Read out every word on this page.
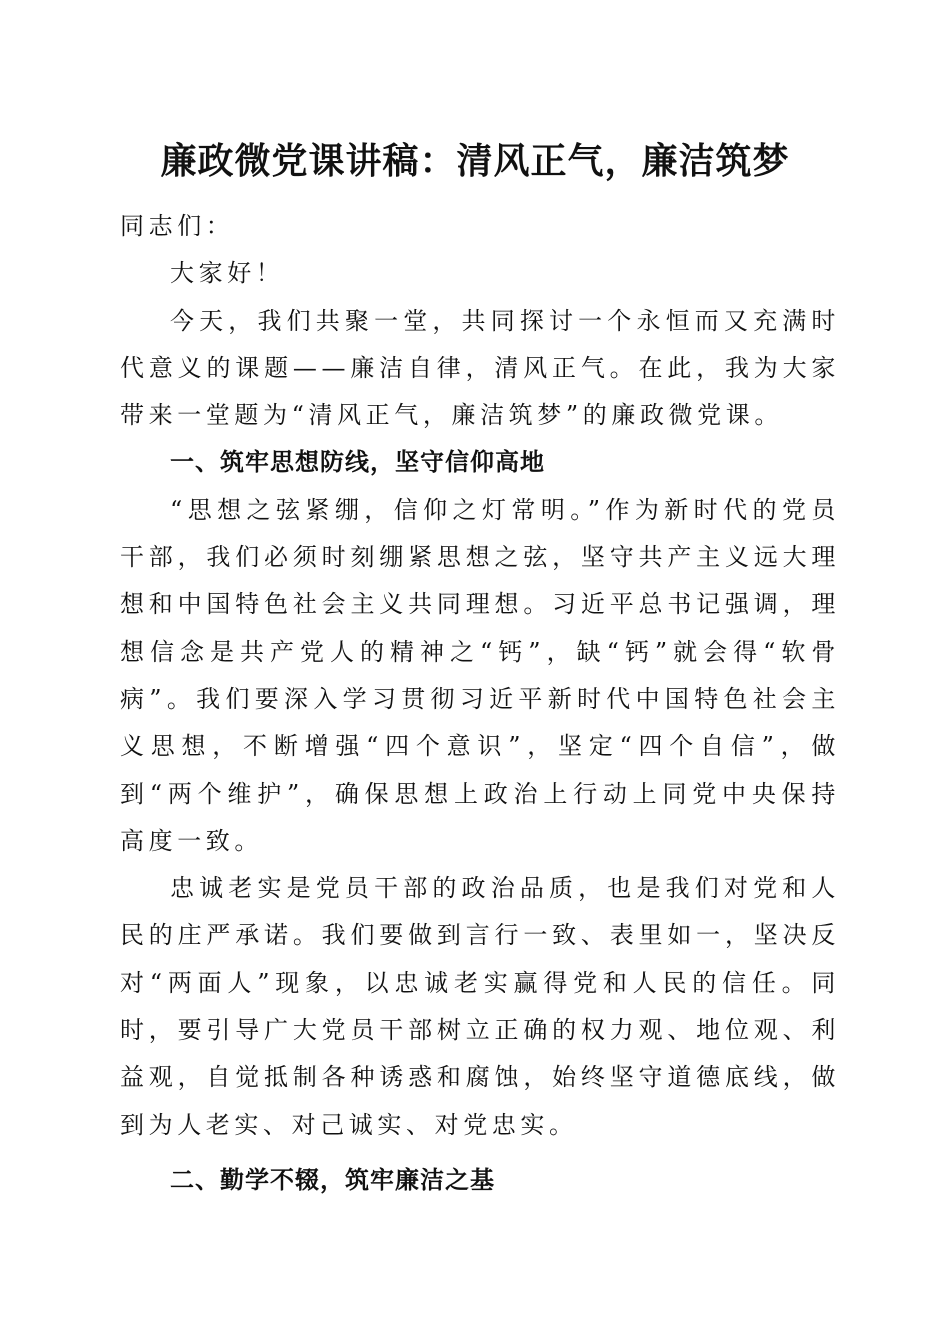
廉政微党课讲稿：清风正气，廉洁筑梦

同志们：

大家好！

今天，我们共聚一堂，共同探讨一个永恒而又充满时代意义的课题——廉洁自律，清风正气。在此，我为大家带来一堂题为“清风正气，廉洁筑梦”的廉政微党课。

一、筑牢思想防线，坚守信仰高地

“思想之弦紧绷，信仰之灯常明。”作为新时代的党员干部，我们必须时刻绷紧思想之弦，坚守共产主义远大理想和中国特色社会主义共同理想。习近平总书记强调，理想信念是共产党人的精神之“钙”，缺“钙”就会得“软骨病”。我们要深入学习贯彻习近平新时代中国特色社会主义思想，不断增强“四个意识”，坚定“四个自信”，做到“两个维护”，确保思想上政治上行动上同党中央保持高度一致。

忠诚老实是党员干部的政治品质，也是我们对党和人民的庄严承诺。我们要做到言行一致、表里如一，坚决反对“两面人”现象，以忠诚老实赢得党和人民的信任。同时，要引导广大党员干部树立正确的权力观、地位观、利益观，自觉抵制各种诱惑和腐蚀，始终坚守道德底线，做到为人老实、对己诚实、对党忠实。

二、勤学不辍，筑牢廉洁之基
